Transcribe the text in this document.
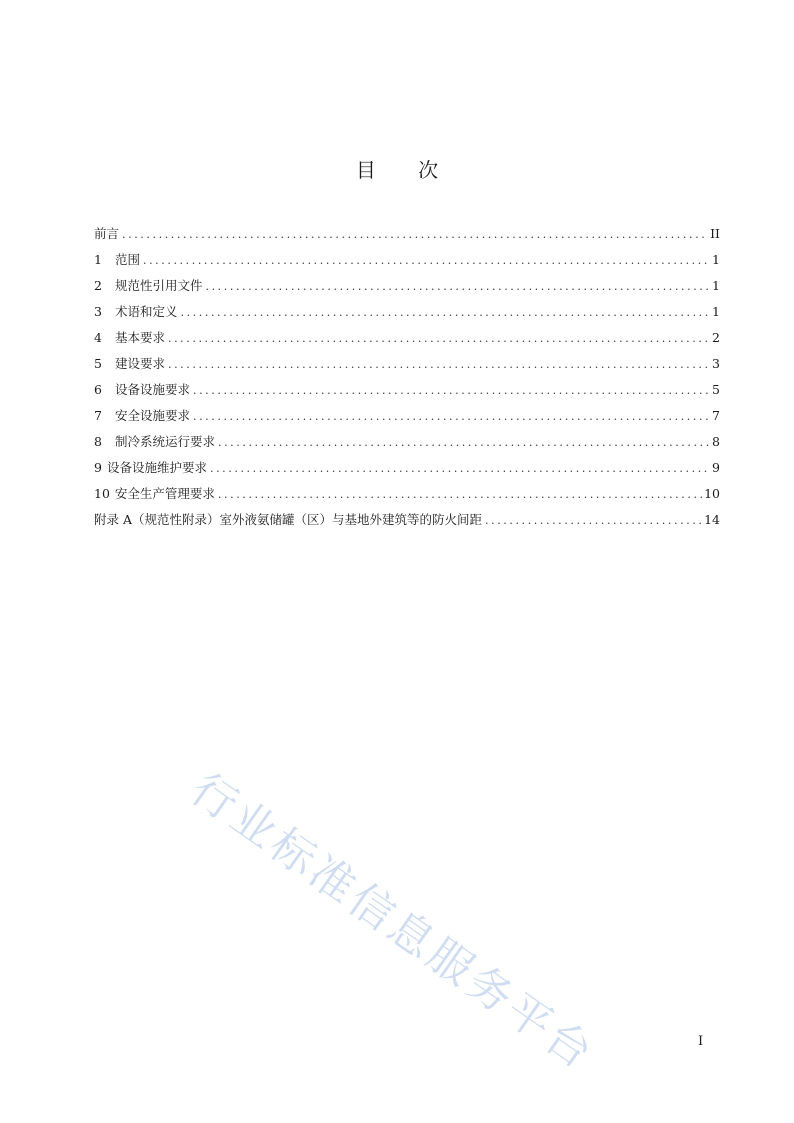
目 次
前言 .....	II
1 范围 .....	1
2 规范性引用文件 .....	1
3 术语和定义 .....	1
4 基本要求 .....	2
5 建设要求 .....	3
6 设备设施要求 .....	5
7 安全设施要求 .....	7
8 制冷系统运行要求 .....	8
9 设备设施维护要求 .....	9
10 安全生产管理要求 .....	10
附录 A（规范性附录）室外液氨储罐（区）与基地外建筑等的防火间距 .....	14
行业标准信息服务平台	I
